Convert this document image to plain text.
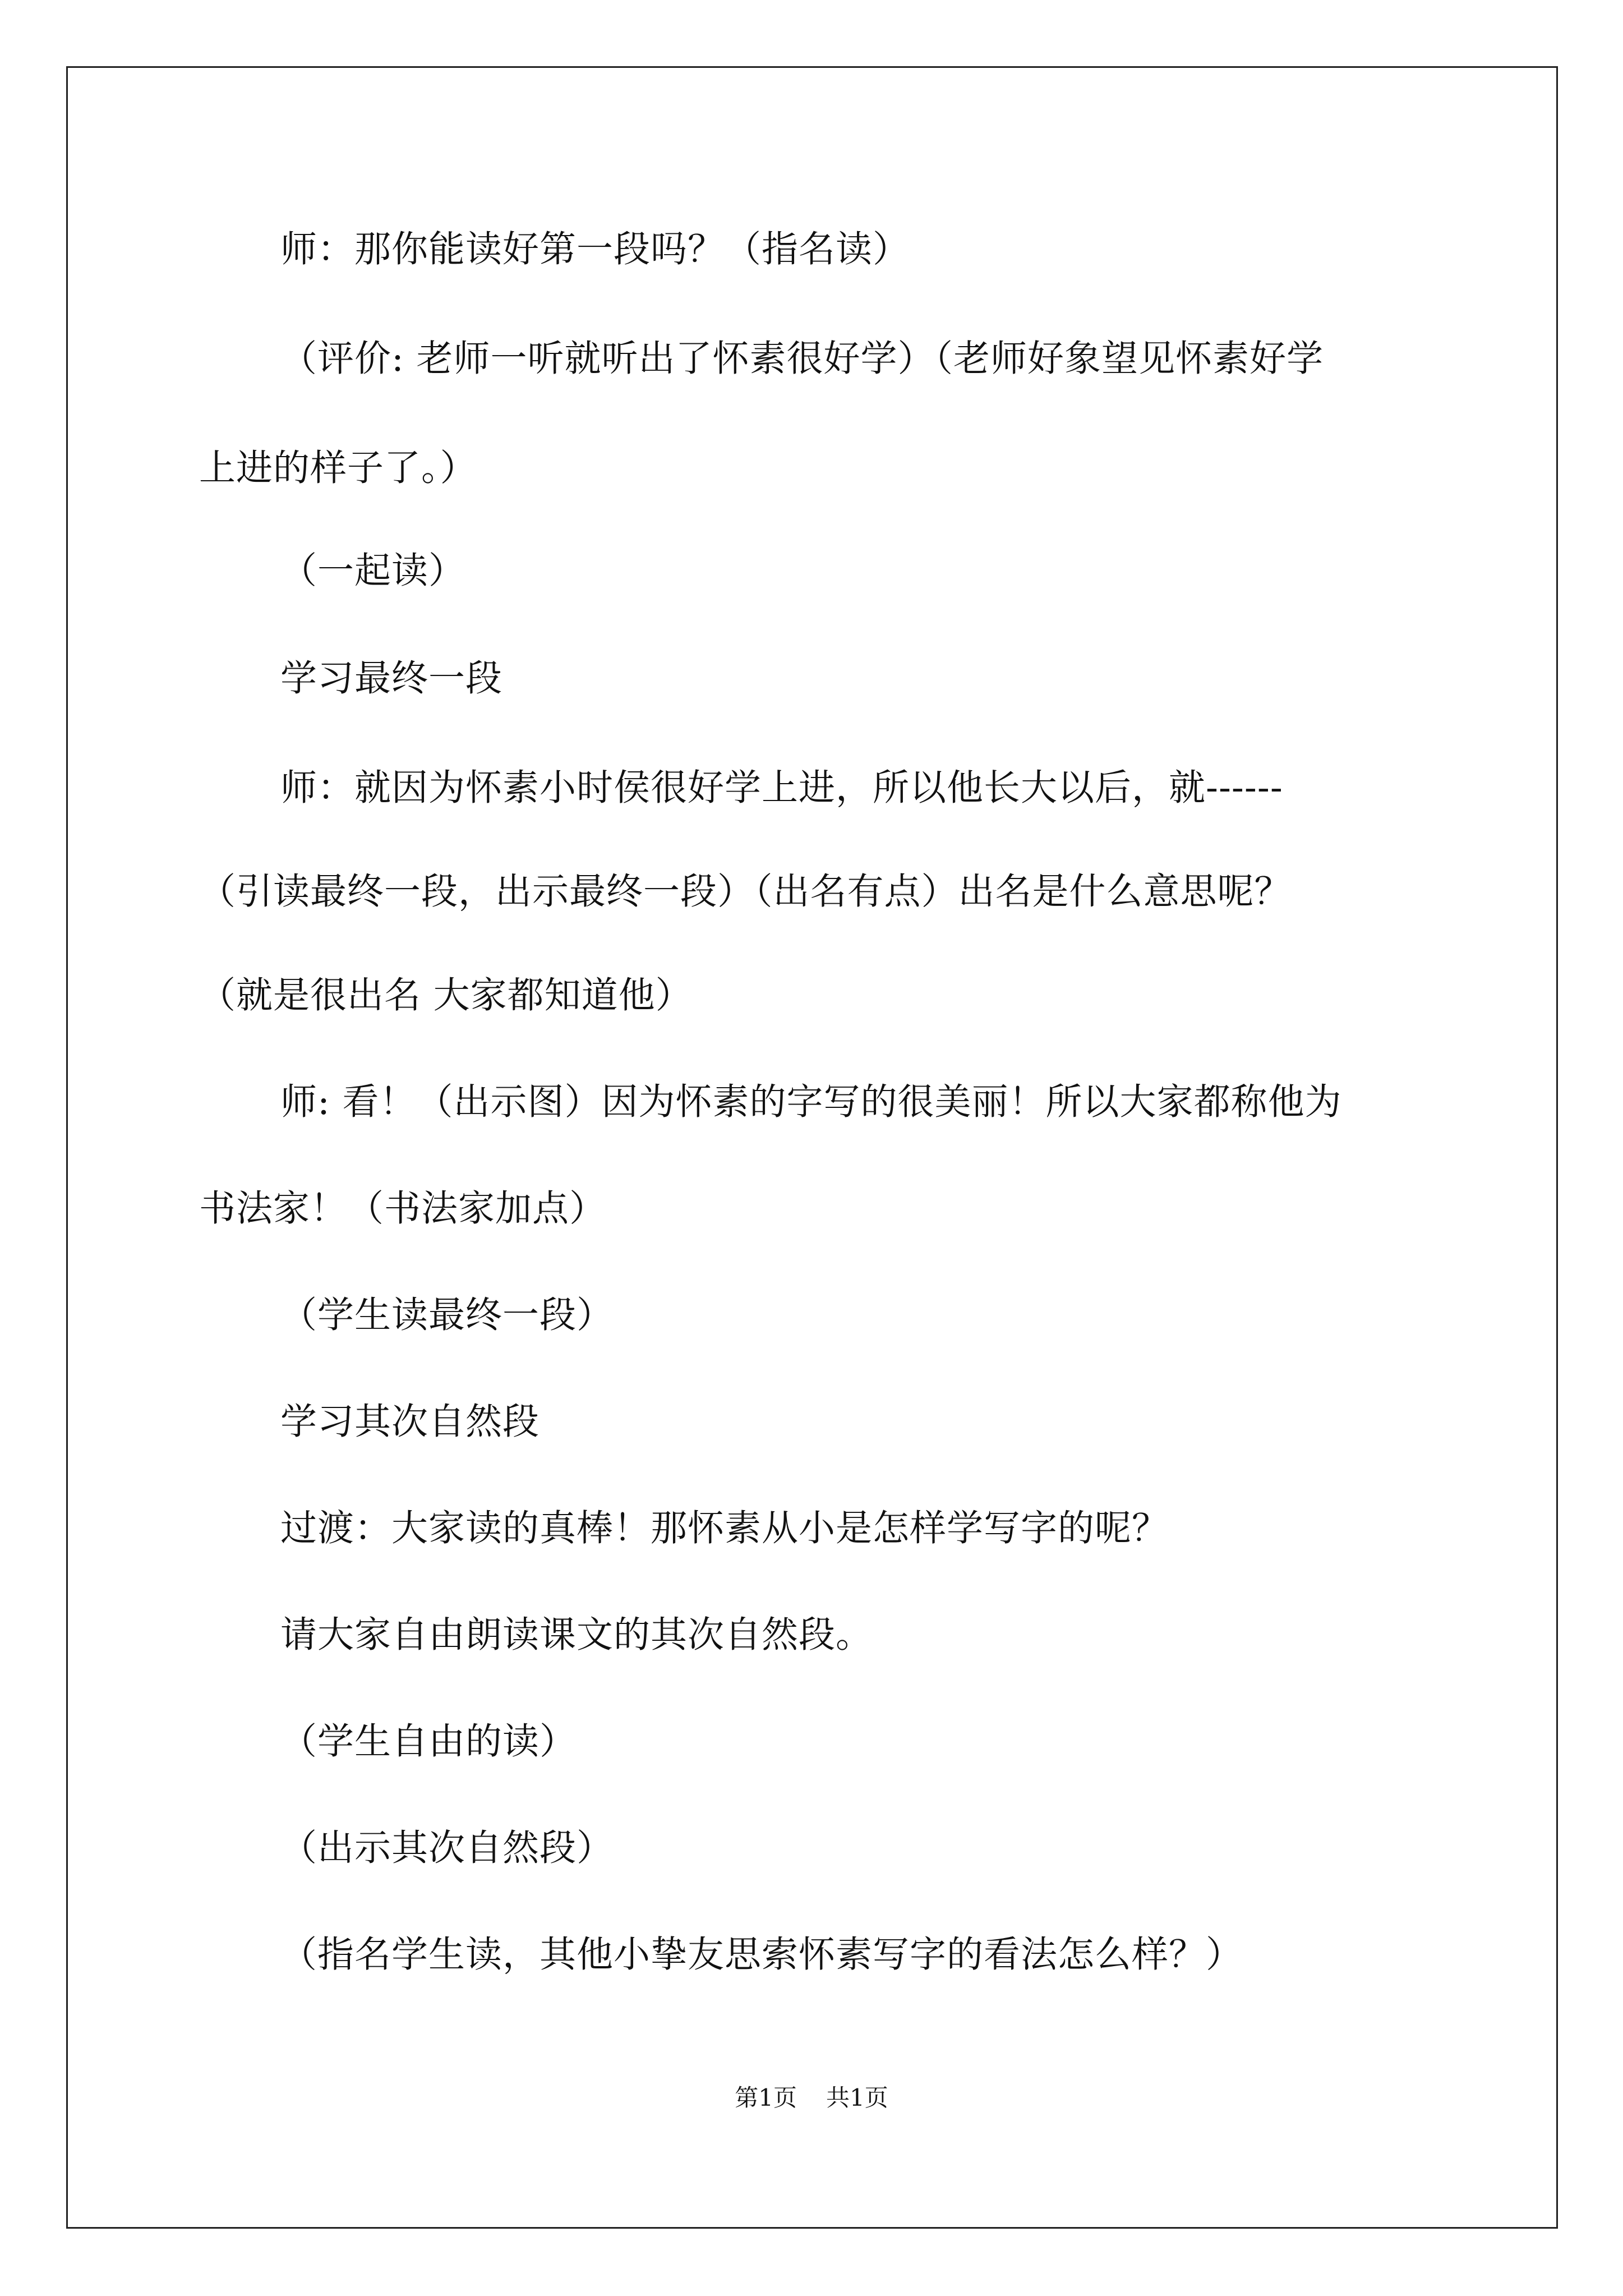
师：那你能读好第一段吗？（指名读）
（评价: 老师一听就听出了怀素很好学）（老师好象望见怀素好学
上进的样子了。）
（一起读）
学习最终一段
师：就因为怀素小时侯很好学上进，所以他长大以后，就------
（引读最终一段，出示最终一段）（出名有点）出名是什么意思呢？
（就是很出名 大家都知道他）
师: 看！（出示图）因为怀素的字写的很美丽！所以大家都称他为
书法家！（书法家加点）
（学生读最终一段）
学习其次自然段
过渡：大家读的真棒！那怀素从小是怎样学写字的呢？
请大家自由朗读课文的其次自然段。
（学生自由的读）
（出示其次自然段）
（指名学生读，其他小挚友思索怀素写字的看法怎么样？）
第1页 共1页
